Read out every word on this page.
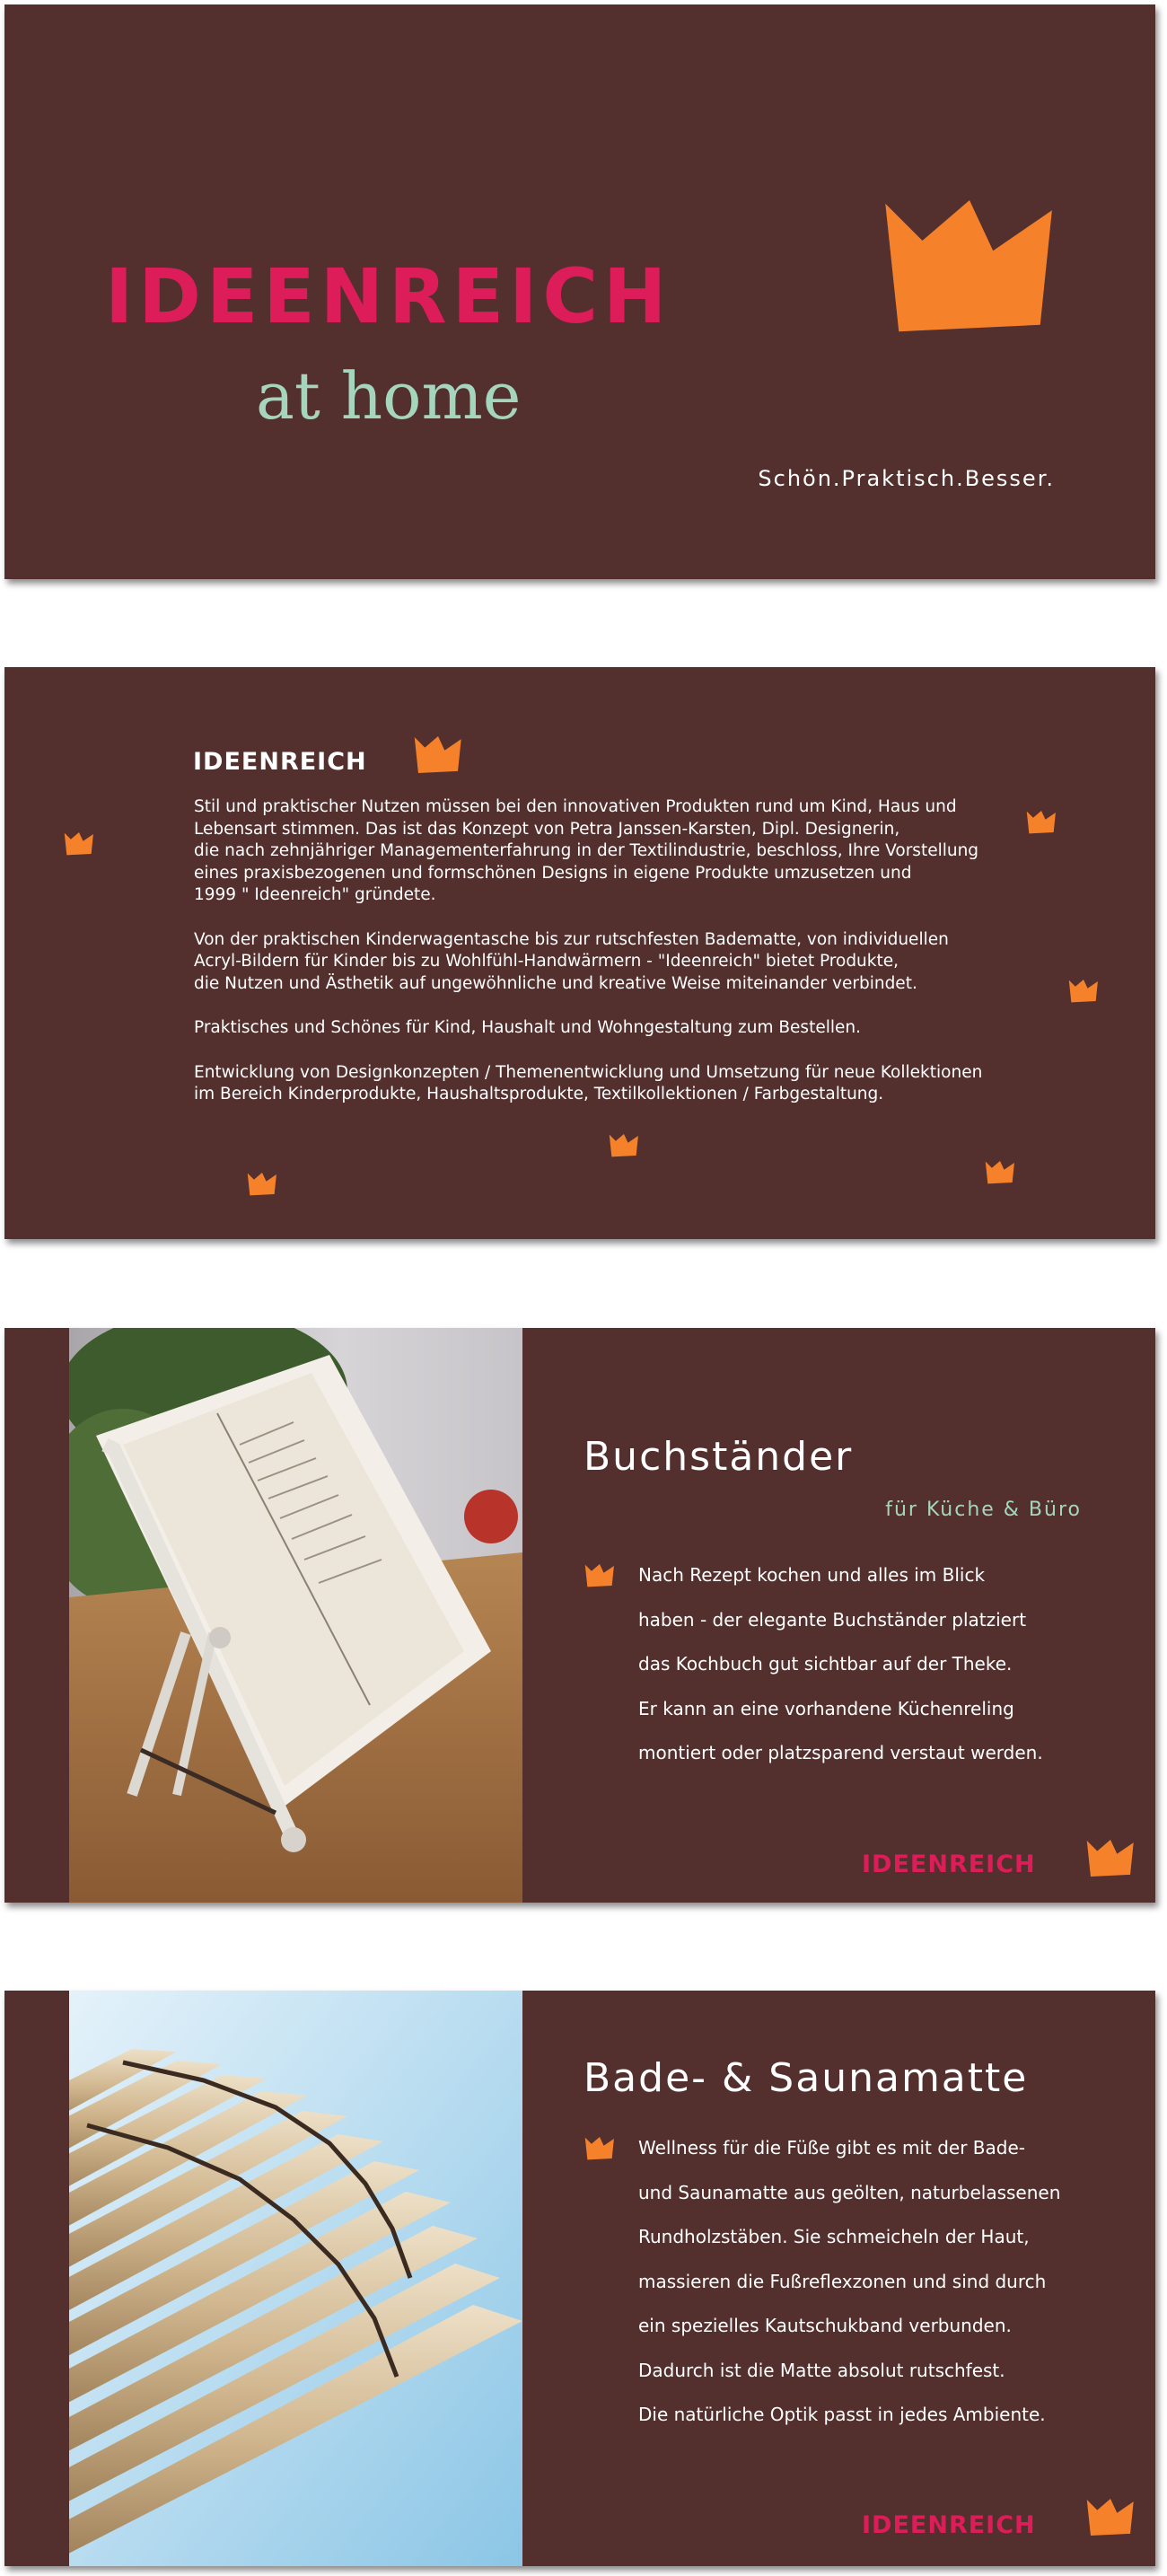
IDEENREICH
at home
Schön.Praktisch.Besser.
IDEENREICH

Stil und praktischer Nutzen müssen bei den innovativen Produkten rund um Kind, Haus und
Lebensart stimmen. Das ist das Konzept von Petra Janssen-Karsten, Dipl. Designerin,
die nach zehnjähriger Managementerfahrung in der Textilindustrie, beschloss, Ihre Vorstellung
eines praxisbezogenen und formschönen Designs in eigene Produkte umzusetzen und
1999 " Ideenreich" gründete.

Von der praktischen Kinderwagentasche bis zur rutschfesten Badematte, von individuellen
Acryl-Bildern für Kinder bis zu Wohlfühl-Handwärmern - "Ideenreich" bietet Produkte,
die Nutzen und Ästhetik auf ungewöhnliche und kreative Weise miteinander verbindet.

Praktisches und Schönes für Kind, Haushalt und Wohngestaltung zum Bestellen.

Entwicklung von Designkonzepten / Themenentwicklung und Umsetzung für neue Kollektionen
im Bereich Kinderprodukte, Haushaltsprodukte, Textilkollektionen / Farbgestaltung.

Buchständer
für Küche & Büro
Nach Rezept kochen und alles im Blick
haben - der elegante Buchständer platziert
das Kochbuch gut sichtbar auf der Theke.
Er kann an eine vorhandene Küchenreling
montiert oder platzsparend verstaut werden.
IDEENREICH
Bade- & Saunamatte
Wellness für die Füße gibt es mit der Bade-
und Saunamatte aus geölten, naturbelassenen
Rundholzstäben. Sie schmeicheln der Haut,
massieren die Fußreflexzonen und sind durch
ein spezielles Kautschukband verbunden.
Dadurch ist die Matte absolut rutschfest.
Die natürliche Optik passt in jedes Ambiente.
IDEENREICH
